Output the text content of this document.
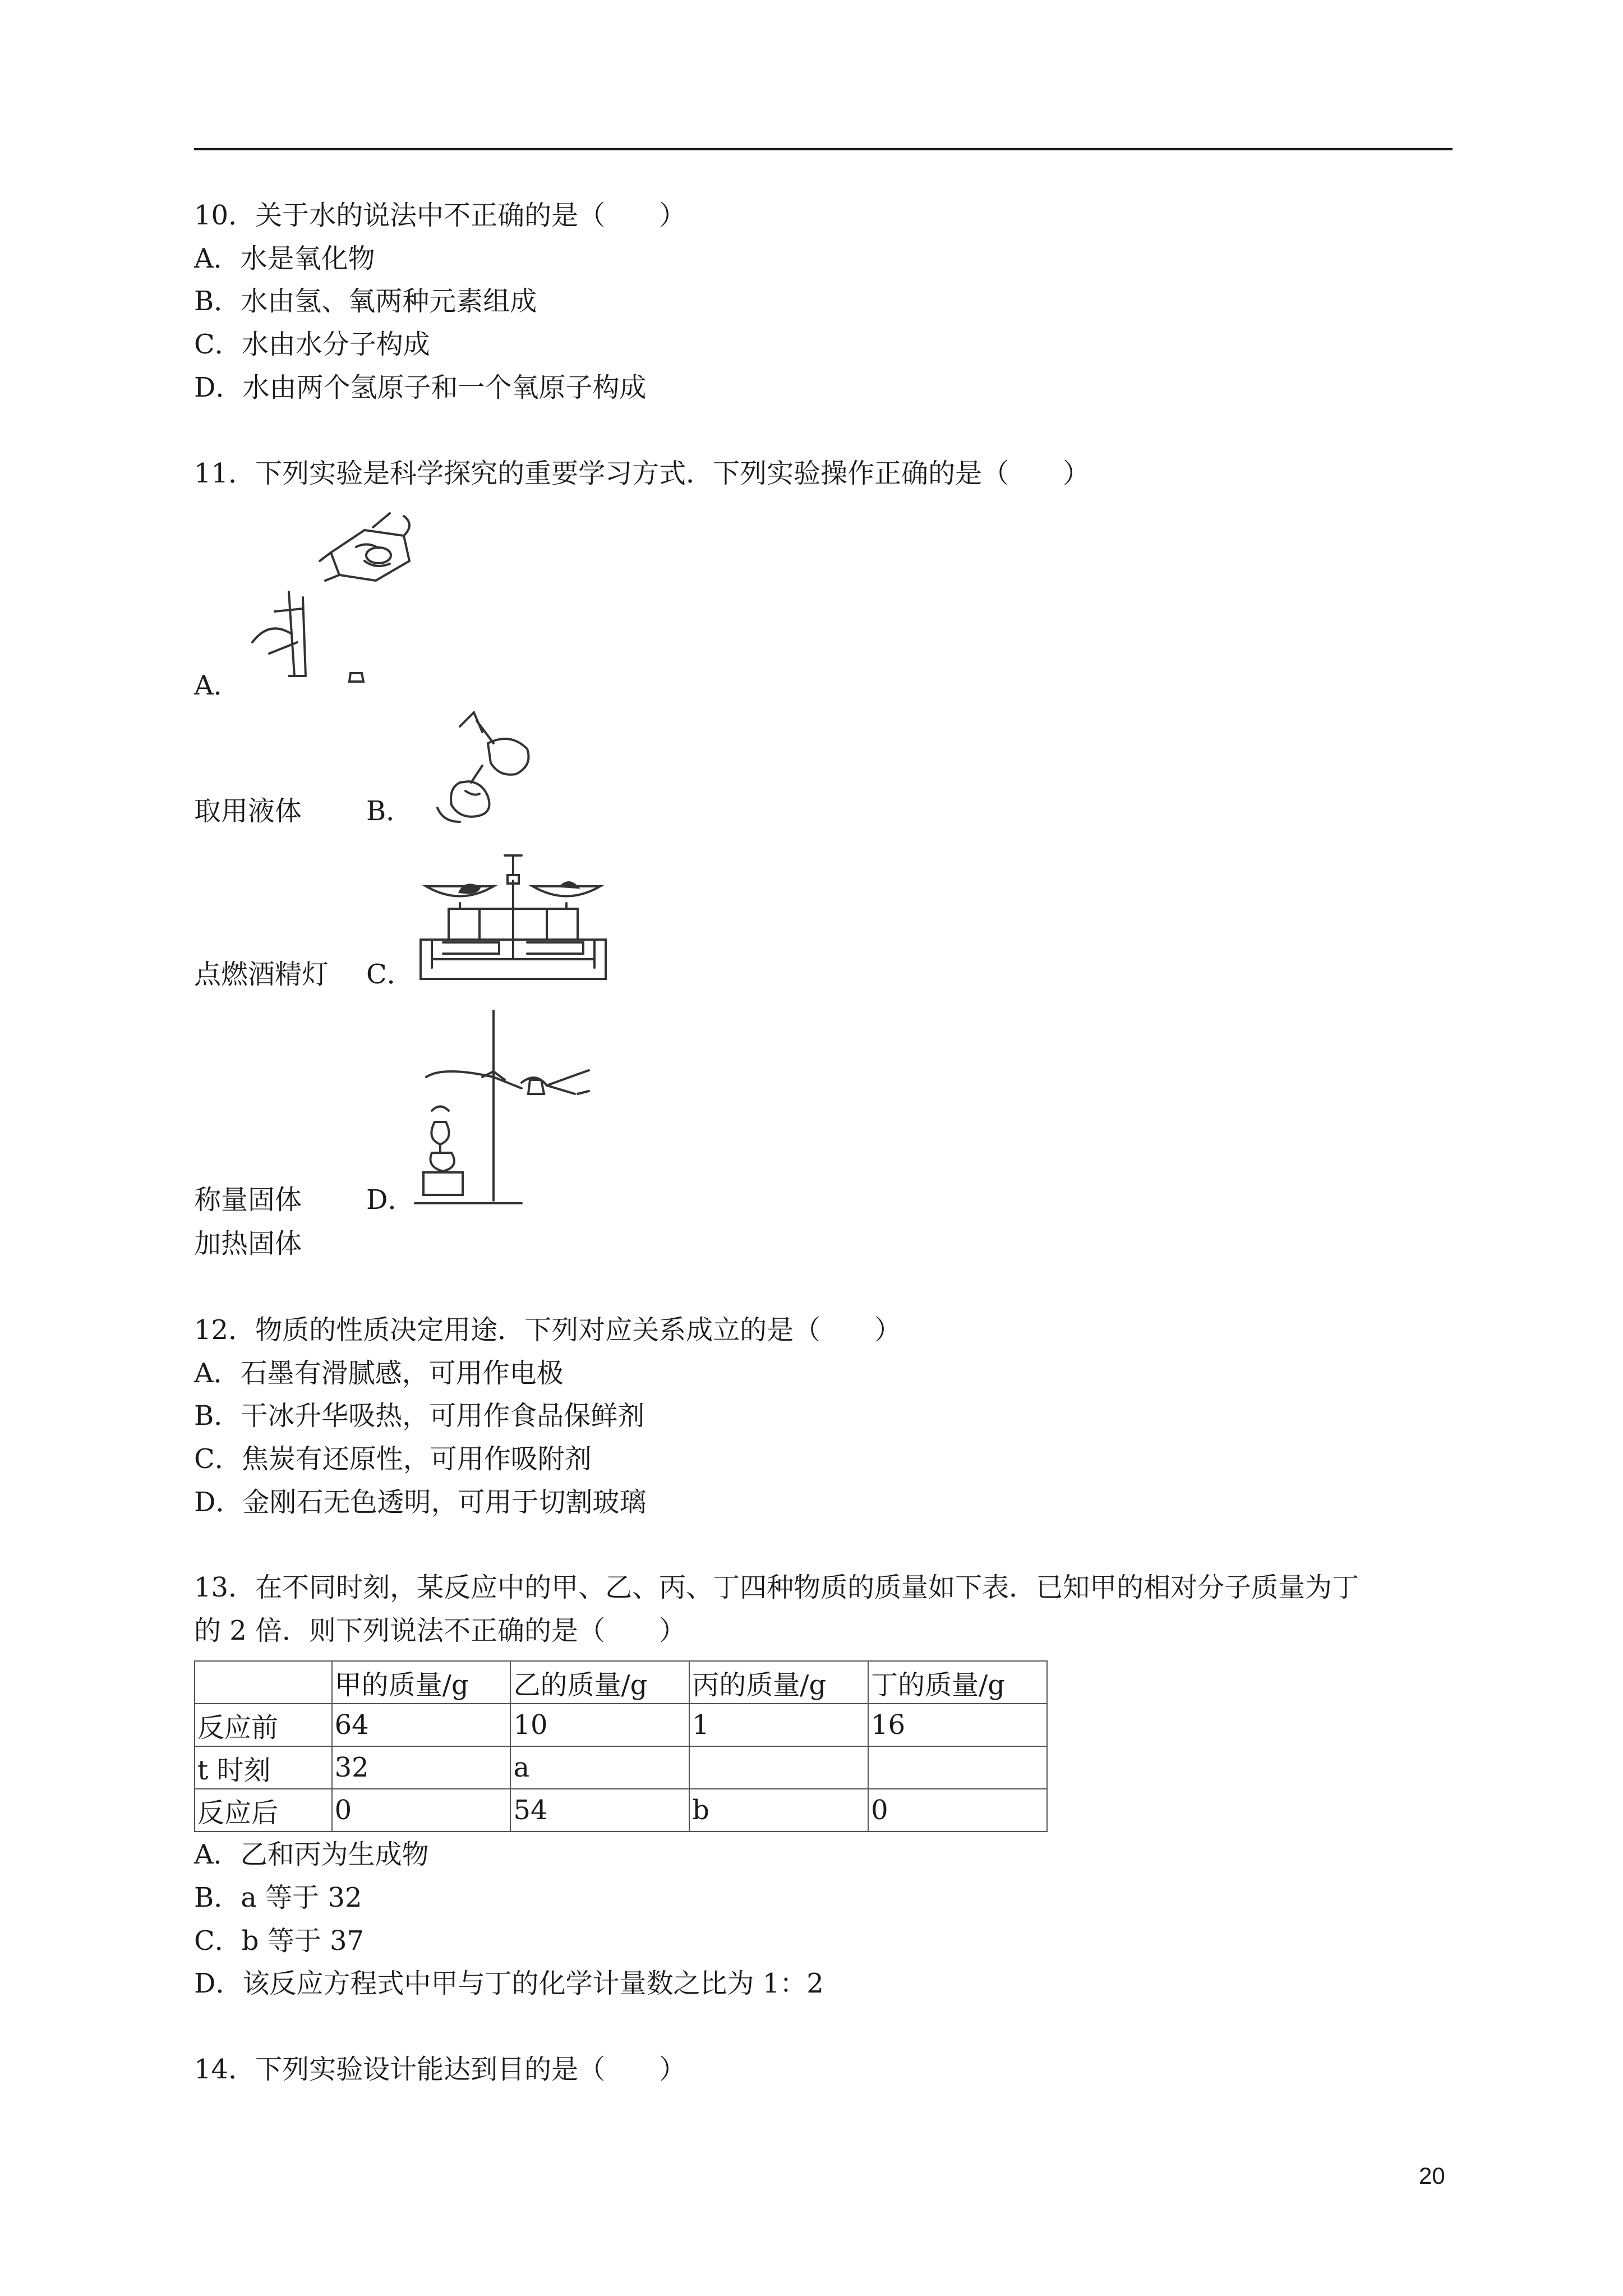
10．关于水的说法中不正确的是（　　）
A．水是氧化物
B．水由氢、氧两种元素组成
C．水由水分子构成
D．水由两个氢原子和一个氧原子构成
11．下列实验是科学探究的重要学习方式．下列实验操作正确的是（　　）
A．
取用液体 B．
点燃酒精灯 C．
称量固体 D．
加热固体
12．物质的性质决定用途．下列对应关系成立的是（　　）
A．石墨有滑腻感，可用作电极
B．干冰升华吸热，可用作食品保鲜剂
C．焦炭有还原性，可用作吸附剂
D．金刚石无色透明，可用于切割玻璃
13．在不同时刻，某反应中的甲、乙、丙、丁四种物质的质量如下表．已知甲的相对分子质量为丁
的 2 倍．则下列说法不正确的是（　　）
	甲的质量/g	乙的质量/g	丙的质量/g	丁的质量/g
反应前	64	10	1	16
t 时刻	32	a		
反应后	0	54	b	0
A．乙和丙为生成物
B．a 等于 32
C．b 等于 37
D．该反应方程式中甲与丁的化学计量数之比为 1：2
14．下列实验设计能达到目的是（　　）
20
